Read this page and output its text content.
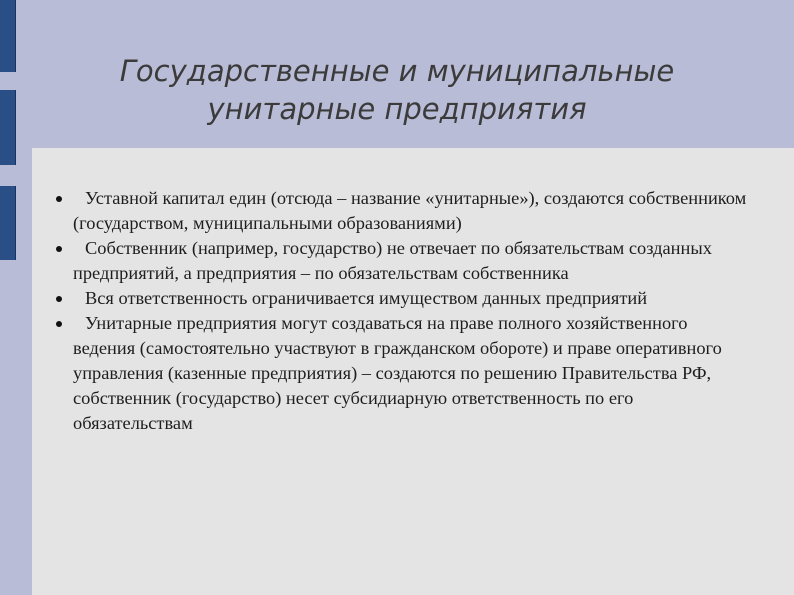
Государственные и муниципальные
унитарные предприятия
Уставной капитал един (отсюда – название «унитарные»), создаются собственником (государством, муниципальными образованиями)
Собственник (например, государство) не отвечает по обязательствам созданных предприятий, а предприятия – по обязательствам собственника
Вся ответственность ограничивается имуществом данных предприятий
Унитарные предприятия могут создаваться на праве полного хозяйственного ведения (самостоятельно участвуют в гражданском обороте) и праве оперативного управления (казенные предприятия) – создаются по решению Правительства РФ, собственник (государство) несет субсидиарную ответственность по его обязательствам
